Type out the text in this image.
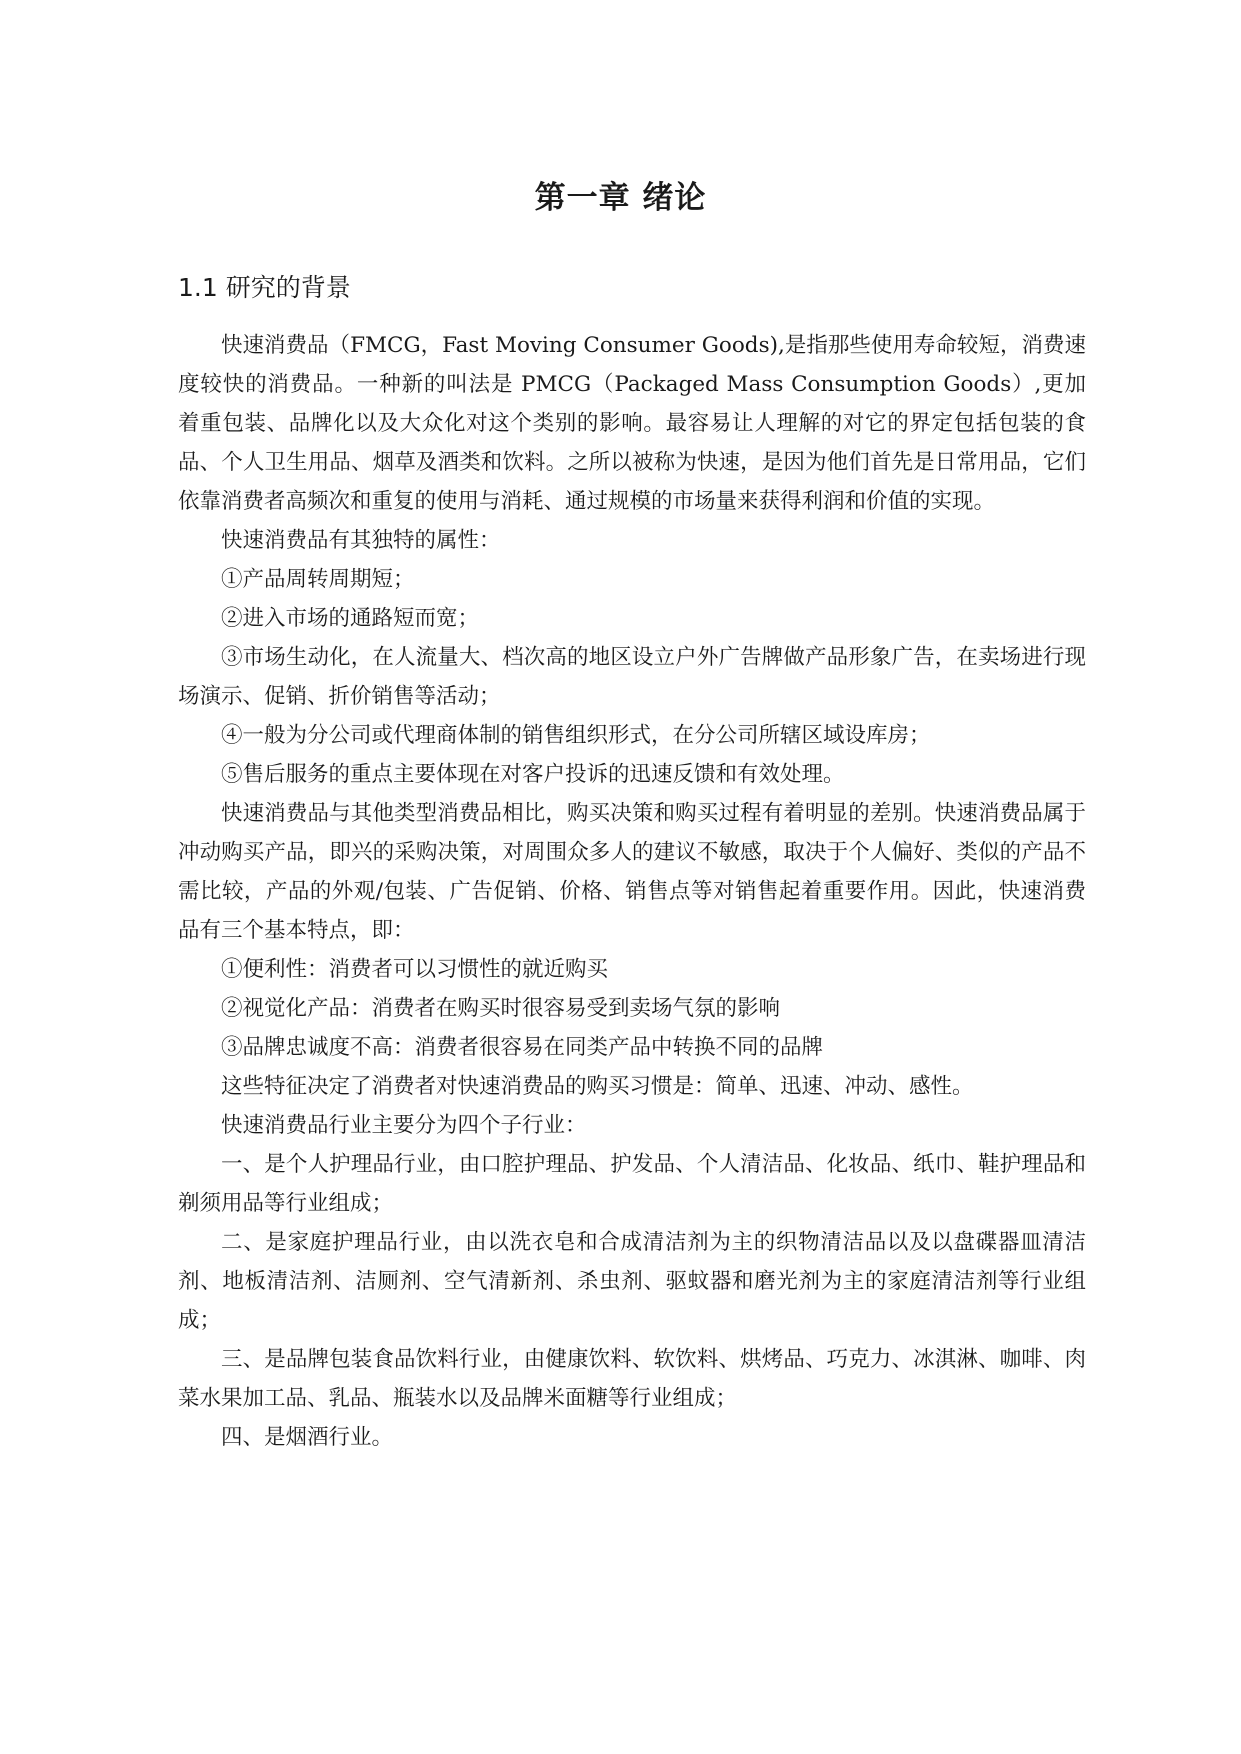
第一章 绪论
1.1 研究的背景

快速消费品（FMCG，Fast Moving Consumer Goods),是指那些使用寿命较短，消费速度较快的消费品。一种新的叫法是 PMCG（Packaged Mass Consumption Goods）,更加着重包装、品牌化以及大众化对这个类别的影响。最容易让人理解的对它的界定包括包装的食品、个人卫生用品、烟草及酒类和饮料。之所以被称为快速，是因为他们首先是日常用品，它们依靠消费者高频次和重复的使用与消耗、通过规模的市场量来获得利润和价值的实现。

快速消费品有其独特的属性：

①产品周转周期短；

②进入市场的通路短而宽；

③市场生动化，在人流量大、档次高的地区设立户外广告牌做产品形象广告，在卖场进行现场演示、促销、折价销售等活动；

④一般为分公司或代理商体制的销售组织形式，在分公司所辖区域设库房；

⑤售后服务的重点主要体现在对客户投诉的迅速反馈和有效处理。

快速消费品与其他类型消费品相比，购买决策和购买过程有着明显的差别。快速消费品属于冲动购买产品，即兴的采购决策，对周围众多人的建议不敏感，取决于个人偏好、类似的产品不需比较，产品的外观/包装、广告促销、价格、销售点等对销售起着重要作用。因此，快速消费品有三个基本特点，即：

①便利性：消费者可以习惯性的就近购买

②视觉化产品：消费者在购买时很容易受到卖场气氛的影响

③品牌忠诚度不高：消费者很容易在同类产品中转换不同的品牌

这些特征决定了消费者对快速消费品的购买习惯是：简单、迅速、冲动、感性。

快速消费品行业主要分为四个子行业：

一、是个人护理品行业，由口腔护理品、护发品、个人清洁品、化妆品、纸巾、鞋护理品和剃须用品等行业组成；

二、是家庭护理品行业，由以洗衣皂和合成清洁剂为主的织物清洁品以及以盘碟器皿清洁剂、地板清洁剂、洁厕剂、空气清新剂、杀虫剂、驱蚊器和磨光剂为主的家庭清洁剂等行业组成；

三、是品牌包装食品饮料行业，由健康饮料、软饮料、烘烤品、巧克力、冰淇淋、咖啡、肉菜水果加工品、乳品、瓶装水以及品牌米面糖等行业组成；

四、是烟酒行业。
